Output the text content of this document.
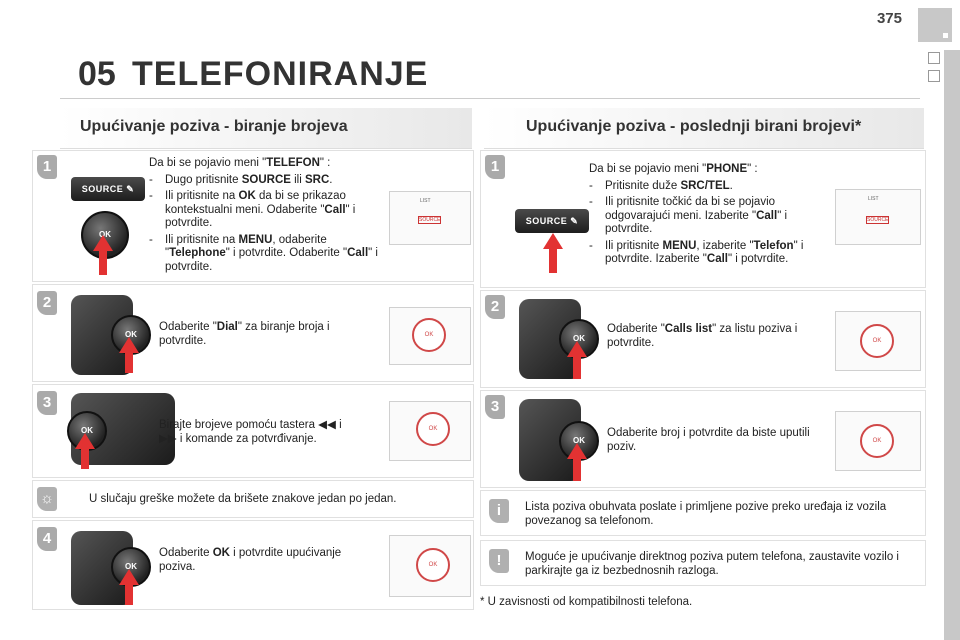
375
05 TELEFONIRANJE
Upućivanje poziva - biranje brojeva
1
SOURCE ✎
OK
Da bi se pojavio meni "TELEFON" :
-	Dugo pritisnite SOURCE ili SRC.
-	Ili pritisnite na OK da bi se prikazao kontekstualni meni. Odaberite "Call" i potvrdite.
-	Ili pritisnite na MENU, odaberite "Telephone" i potvrdite. Odaberite "Call" i potvrdite.
LIST
SOURCE
2
OK
Odaberite "Dial" za biranje broja i potvrdite.	OK
3
OK	Birajte brojeve pomoću tastera ◀◀ i
▶▶ i komande za potvrđivanje.
OK
☼	U slučaju greške možete da brišete znakove jedan po jedan.
4
OK
Odaberite OK i potvrdite upućivanje poziva.	OK
Upućivanje poziva - poslednji birani brojevi*
1
SOURCE ✎
Da bi se pojavio meni "PHONE" :
-	Pritisnite duže SRC/TEL.
-	Ili pritisnite točkić da bi se pojavio odgovarajući meni. Izaberite "Call" i potvrdite.
-	Ili pritisnite MENU, izaberite "Telefon" i potvrdite. Izaberite "Call" i potvrdite.
LIST
SOURCE
2
OK
Odaberite "Calls list" za listu poziva i potvrdite.	OK
3
OK
Odaberite broj i potvrdite da biste uputili poziv.	OK
i	Lista poziva obuhvata poslate i primljene pozive preko uređaja iz vozila povezanog sa telefonom.
!	Moguće je upućivanje direktnog poziva putem telefona, zaustavite vozilo i parkirajte ga iz bezbednosnih razloga.
* U zavisnosti od kompatibilnosti telefona.
